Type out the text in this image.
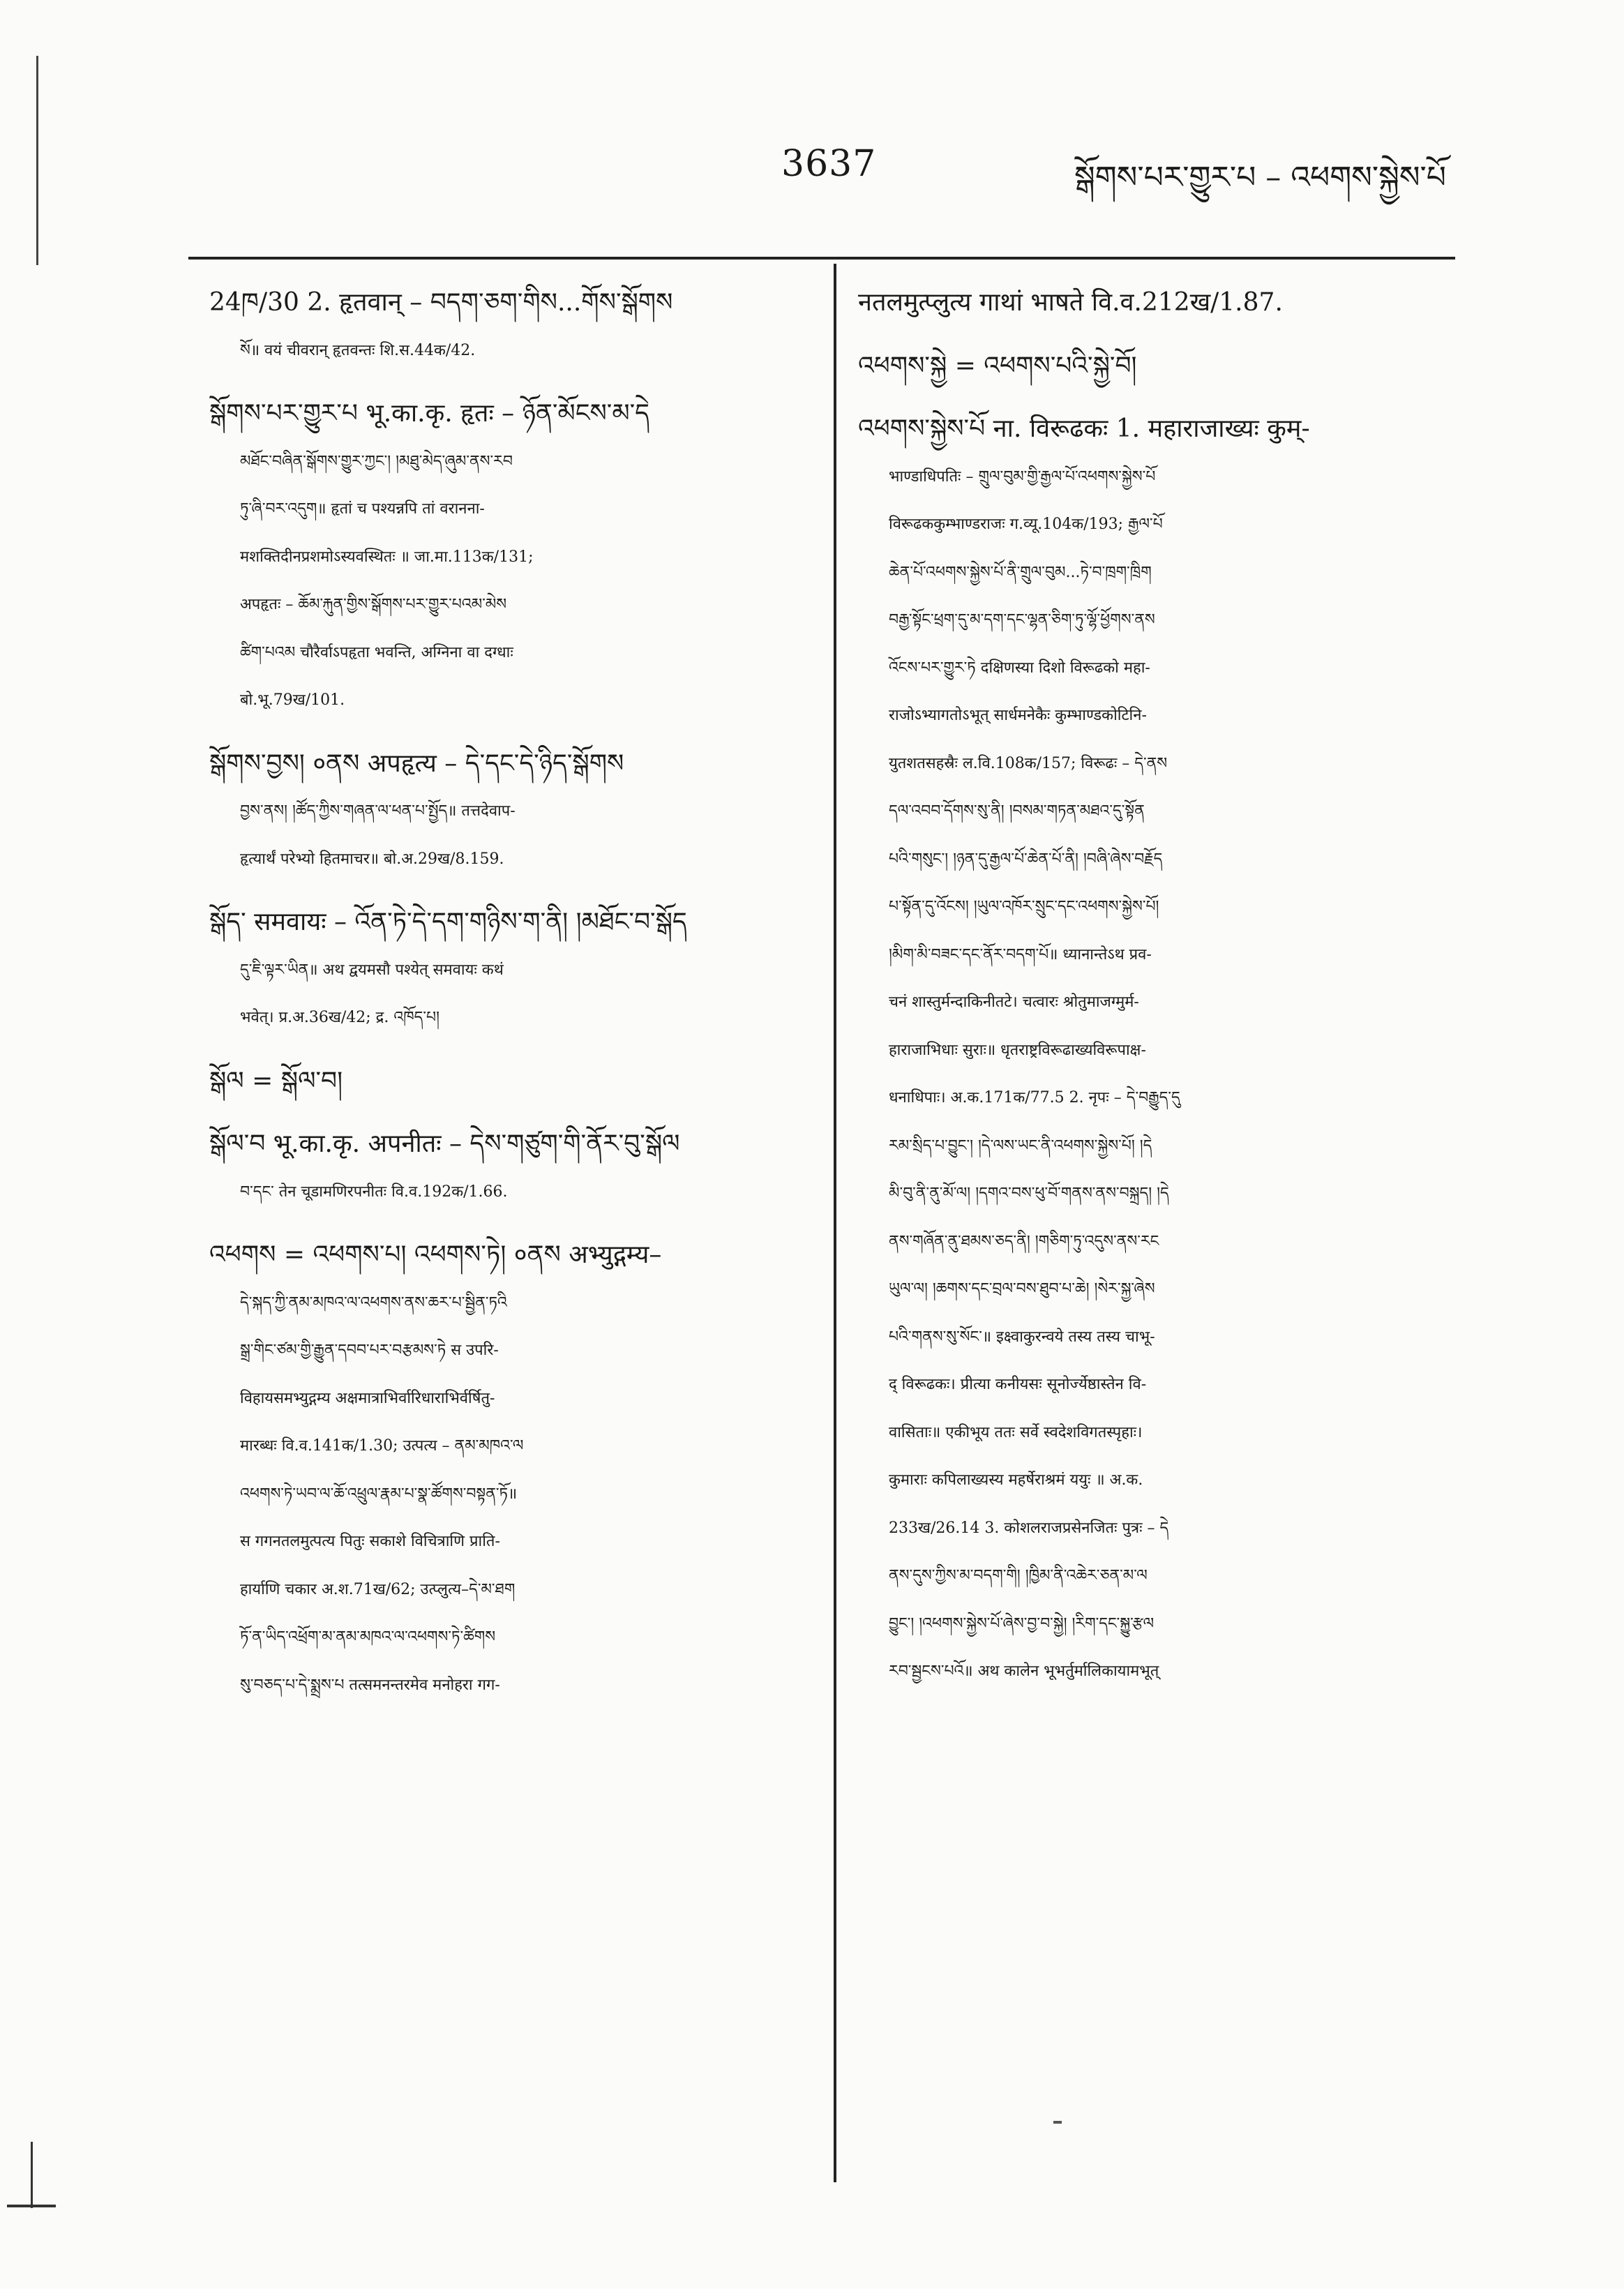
3637	སྒོགས་པར་གྱུར་པ – འཕགས་སྐྱེས་པོ
24ཁ/30 2. हृतवान् – བདག་ཅག་གིས...གོས་སྒོགས
སོ॥ वयं चीवरान् हृतवन्तः शि.स.44क/42.
སྒོགས་པར་གྱུར་པ भू.का.कृ. हृतः – ཉོན་མོངས་མ་དེ
མཐོང་བཞིན་སྒོགས་གྱུར་ཀྱང་། །མཐུ་མེད་ཞུམ་ནས་རབ
ཏུ་ཞི་བར་འདུག॥ हृतां च पश्यन्नपि तां वरानना-
मशक्तिदीनप्रशमोऽस्यवस्थितः ॥ जा.मा.113क/131;
अपहृतः – ཆོམ་རྐུན་གྱིས་སྒོགས་པར་གྱུར་པའམ་མེས
ཚིག་པའམ चौरैर्वाऽपहृता भवन्ति, अग्निना वा दग्धाः
बो.भू.79ख/101.
སྒོགས་བྱས། ०ནས अपहृत्य – དེ་དང་དེ་ཉིད་སྒོགས
བྱས་ནས། །ཚོད་ཀྱིས་གཞན་ལ་ཕན་པ་སྤྱོད॥ तत्तदेवाप-
हृत्यार्थं परेभ्यो हितमाचर॥ बो.अ.29ख/8.159.
སྒོད་ समवायः – འོན་ཏེ་དེ་དག་གཉིས་ག་ནི། །མཐོང་བ་སྒོད
དུ་ཇི་ལྟར་ཡིན॥ अथ द्वयमसौ पश्येत् समवायः कथं
भवेत्। प्र.अ.36ख/42; द्र. འཁོད་པ།
སྒོལ = སྒོལ་བ།
སྒོལ་བ भू.का.कृ. अपनीतः – དེས་གཙུག་གི་ནོར་བུ་སྒོལ
བ་དང་ तेन चूडामणिरपनीतः वि.व.192क/1.66.
འཕགས = འཕགས་པ། འཕགས་ཏེ། ०ནས अभ्युद्गम्य–
དེ་སྐད་ཀྱི་ནམ་མཁའ་ལ་འཕགས་ནས་ཆར་པ་སྦྱིན་ཏའི
སྒྲ་གིང་ཙམ་གྱི་རྒྱུན་དབབ་པར་བརྩམས་ཏེ स उपरि-
विहायसमभ्युद्गम्य अक्षमात्राभिर्वारिधाराभिर्वर्षितु-
मारब्धः वि.व.141क/1.30; उत्पत्य – ནམ་མཁའ་ལ
འཕགས་ཏེ་ཡབ་ལ་ཆོ་འཕྲུལ་རྣམ་པ་སྣ་ཚོགས་བསྟན་ཏོ॥
स गगनतलमुत्पत्य पितुः सकाशे विचित्राणि प्राति-
हार्याणि चकार अ.श.71ख/62; उत्प्लुत्य–དེ་མ་ཐག
ཏོ་ན་ཡིད་འཕྲོག་མ་ནམ་མཁའ་ལ་འཕགས་ཏེ་ཚིགས
སུ་བཅད་པ་དེ་སྨྲས་པ तत्समनन्तरमेव मनोहरा गग-
नतलमुत्प्लुत्य गाथां भाषते वि.व.212ख/1.87.
འཕགས་སྐྱེ = འཕགས་པའི་སྐྱེ་བོ།
འཕགས་སྐྱེས་པོ ना. विरूढकः 1. महाराजाख्यः कुम्-
भाण्डाधिपतिः – གྲུལ་བུམ་གྱི་རྒྱལ་པོ་འཕགས་སྐྱེས་པོ
विरूढककुम्भाण्डराजः ग.व्यू.104क/193; རྒྱལ་པོ
ཆེན་པོ་འཕགས་སྐྱེས་པོ་ནི་གྲུལ་བུམ...ཏེ་བ་ཁྲག་ཁྲིག
བརྒྱ་སྟོང་ཕྲག་དུ་མ་དག་དང་ལྷན་ཅིག་ཏུ་ལྷོ་ཕྱོགས་ནས
འོངས་པར་གྱུར་ཏེ दक्षिणस्या दिशो विरूढको महा-
राजोऽभ्यागतोऽभूत् सार्धमनेकैः कुम्भाण्डकोटिनि-
युतशतसहस्रैः ल.वि.108क/157; विरूढः – དེ་ནས
དལ་འབབ་དོགས་སུ་ནི། །བསམ་གཏན་མཐའ་དུ་སྟོན
པའི་གསུང་། །ཉན་དུ་རྒྱལ་པོ་ཆེན་པོ་ནི། །བཞི་ཞེས་བརྗོད
པ་སྟོན་དུ་འོངས། །ཡུལ་འཁོར་སྲུང་དང་འཕགས་སྐྱེས་པོ།
།མིག་མི་བཟང་དང་ནོར་བདག་པོ॥ ध्यानान्तेऽथ प्रव-
चनं शास्तुर्मन्दाकिनीतटे। चत्वारः श्रोतुमाजग्मुर्म-
हाराजाभिधाः सुराः॥ धृतराष्ट्रविरूढाख्यविरूपाक्ष-
धनाधिपाः। अ.क.171क/77.5 2. नृपः – དེ་བརྒྱུད་དུ
རམ་སྲིད་པ་བྱུང་། །དེ་ལས་ཡང་ནི་འཕགས་སྐྱེས་པོ། །དེ
མི་བུ་ནི་ནུ་མོ་ལ། །དགའ་བས་ཕུ་བོ་གནས་ནས་བསྐྲད། །དེ
ནས་གཞོན་ནུ་ཐམས་ཅད་ནི། །གཅིག་ཏུ་འདུས་ནས་རང
ཡུལ་ལ། །ཆགས་དང་བྲལ་བས་ཐུབ་པ་ཆེ། །སེར་སྐྱ་ཞེས
པའི་གནས་སུ་སོང་॥ इक्ष्वाकुरन्वये तस्य तस्य चाभू-
द् विरूढकः। प्रीत्या कनीयसः सूनोर्ज्येष्ठास्तेन वि-
वासिताः॥ एकीभूय ततः सर्वे स्वदेशविगतस्पृहाः।
कुमाराः कपिलाख्यस्य महर्षेराश्रमं ययुः ॥ अ.क.
233ख/26.14 3. कोशलराजप्रसेनजितः पुत्रः – དེ
ནས་དུས་ཀྱིས་མ་བདག་གི། །ཁྱིམ་ནི་འཆེར་ཅན་མ་ལ
བྱུང་། །འཕགས་སྐྱེས་པོ་ཞེས་བྱ་བ་སྐྱེ། །རིག་དང་སྐྱུ་རྩལ
རབ་སྦྱངས་པའོ॥ अथ कालेन भूभर्तुर्मालिकायामभूत्
